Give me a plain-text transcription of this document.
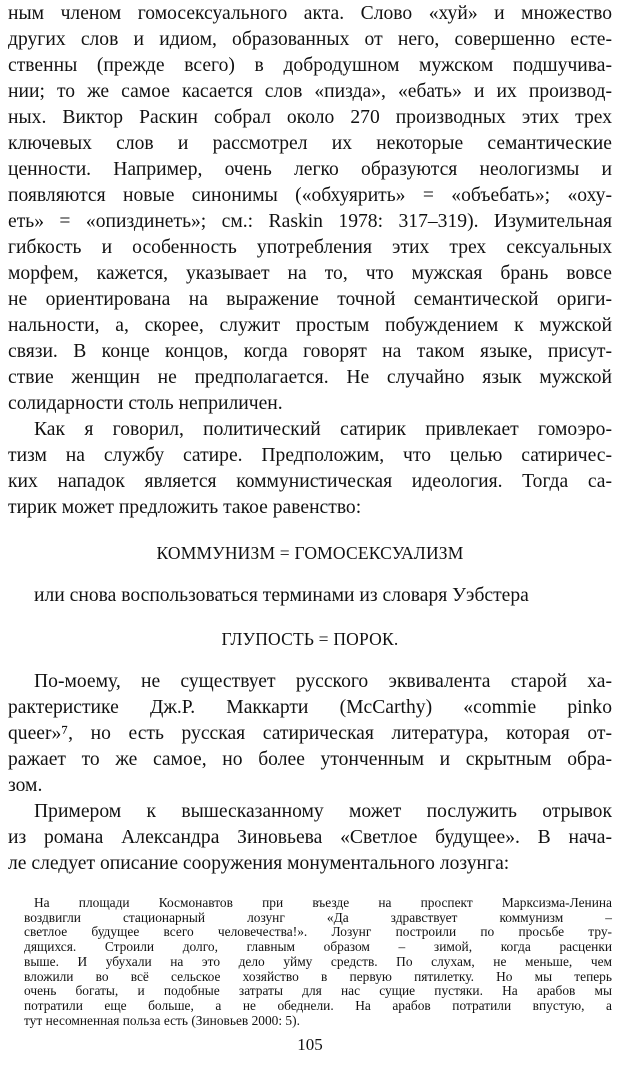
ным членом гомосексуального акта. Слово «хуй» и множество
других слов и идиом, образованных от него, совершенно есте-
ственны (прежде всего) в добродушном мужском подшучива-
нии; то же самое касается слов «пизда», «ебать» и их производ-
ных. Виктор Раскин собрал около 270 производных этих трех
ключевых слов и рассмотрел их некоторые семантические
ценности. Например, очень легко образуются неологизмы и
появляются новые синонимы («обхуярить» = «объебать»; «оху-
еть» = «опиздинеть»; см.: Raskin 1978: 317–319). Изумительная
гибкость и особенность употребления этих трех сексуальных
морфем, кажется, указывает на то, что мужская брань вовсе
не ориентирована на выражение точной семантической ориги-
нальности, а, скорее, служит простым побуждением к мужской
связи. В конце концов, когда говорят на таком языке, присут-
ствие женщин не предполагается. Не случайно язык мужской
солидарности столь неприличен.
Как я говорил, политический сатирик привлекает гомоэро-
тизм на службу сатире. Предположим, что целью сатиричес-
ких нападок является коммунистическая идеология. Тогда са-
тирик может предложить такое равенство:
КОММУНИЗМ = ГОМОСЕКСУАЛИЗМ
или снова воспользоваться терминами из словаря Уэбстера
ГЛУПОСТЬ = ПОРОК.
По-моему, не существует русского эквивалента старой ха-
рактеристике Дж.Р. Маккарти (McCarthy) «commie pinko
queer»⁷, но есть русская сатирическая литература, которая от-
ражает то же самое, но более утонченным и скрытным обра-
зом.
Примером к вышесказанному может послужить отрывок
из романа Александра Зиновьева «Светлое будущее». В нача-
ле следует описание сооружения монументального лозунга:
На площади Космонавтов при въезде на проспект Марксизма-Ленина
воздвигли стационарный лозунг «Да здравствует коммунизм –
светлое будущее всего человечества!». Лозунг построили по просьбе тру-
дящихся. Строили долго, главным образом – зимой, когда расценки
выше. И убухали на это дело уйму средств. По слухам, не меньше, чем
вложили во всё сельское хозяйство в первую пятилетку. Но мы теперь
очень богаты, и подобные затраты для нас сущие пустяки. На арабов мы
потратили еще больше, а не обеднели. На арабов потратили впустую, а
тут несомненная польза есть (Зиновьев 2000: 5).
105
